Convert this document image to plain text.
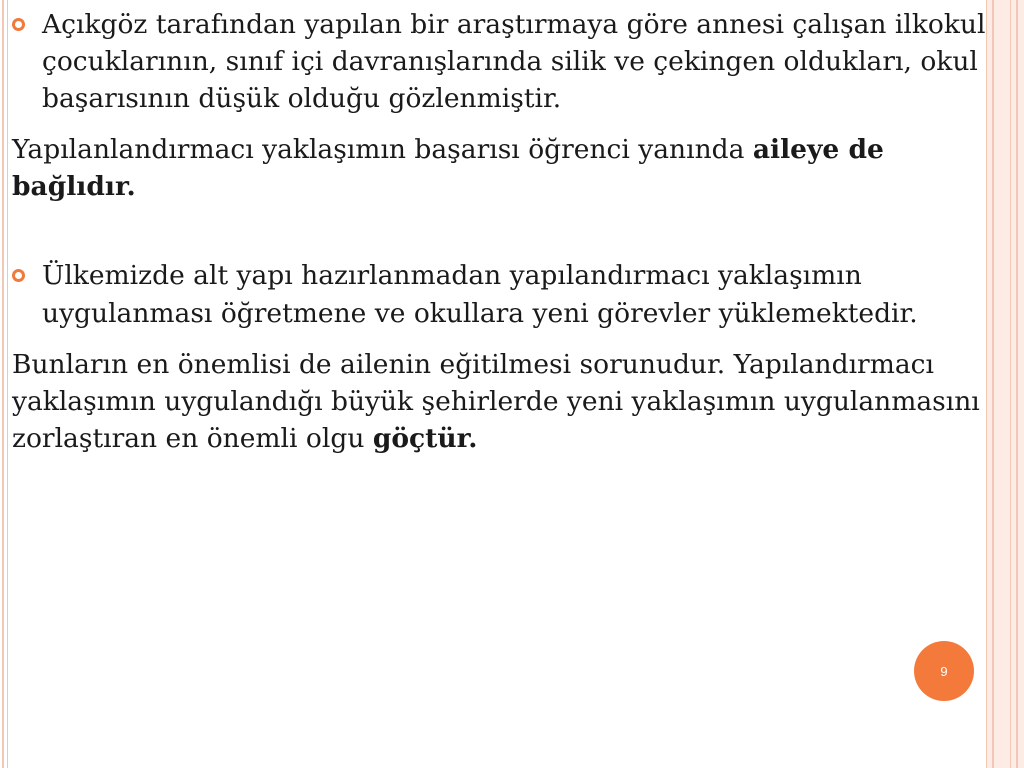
Açıkgöz tarafından yapılan bir araştırmaya göre annesi çalışan ilkokul çocuklarının, sınıf içi davranışlarında silik ve çekingen oldukları, okul başarısının düşük olduğu gözlenmiştir.

Yapılanlandırmacı yaklaşımın başarısı öğrenci yanında aileye de bağlıdır.

Ülkemizde alt yapı hazırlanmadan yapılandırmacı yaklaşımın uygulanması öğretmene ve okullara yeni görevler yüklemektedir.

Bunların en önemlisi de ailenin eğitilmesi sorunudur. Yapılandırmacı yaklaşımın uygulandığı büyük şehirlerde yeni yaklaşımın uygulanmasını zorlaştıran en önemli olgu göçtür.

9
